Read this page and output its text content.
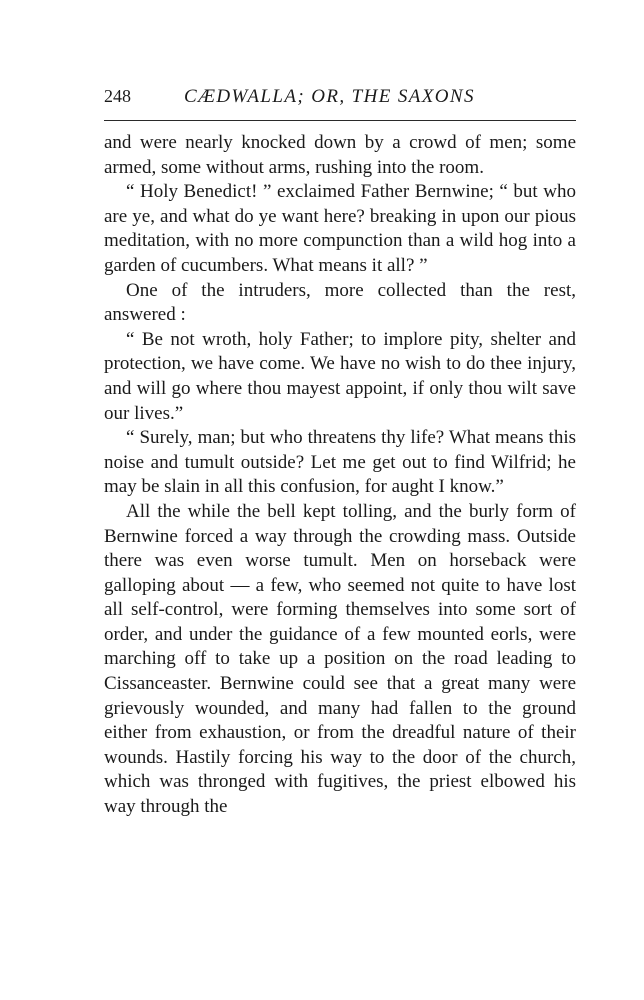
248	CÆDWALLA; OR, THE SAXONS

and were nearly knocked down by a crowd of men; some armed, some without arms, rushing into the room.

“ Holy Benedict! ” exclaimed Father Bernwine; “ but who are ye, and what do ye want here? breaking in upon our pious meditation, with no more compunction than a wild hog into a garden of cucumbers. What means it all? ”

One of the intruders, more collected than the rest, answered :

“ Be not wroth, holy Father; to implore pity, shelter and protection, we have come. We have no wish to do thee injury, and will go where thou mayest appoint, if only thou wilt save our lives.”

“ Surely, man; but who threatens thy life? What means this noise and tumult outside? Let me get out to find Wilfrid; he may be slain in all this confusion, for aught I know.”

All the while the bell kept tolling, and the burly form of Bernwine forced a way through the crowding mass. Outside there was even worse tumult. Men on horseback were galloping about — a few, who seemed not quite to have lost all self-control, were forming themselves into some sort of order, and under the guidance of a few mounted eorls, were marching off to take up a position on the road leading to Cissanceaster. Bernwine could see that a great many were grievously wounded, and many had fallen to the ground either from exhaustion, or from the dreadful nature of their wounds. Hastily forcing his way to the door of the church, which was thronged with fugitives, the priest elbowed his way through the
